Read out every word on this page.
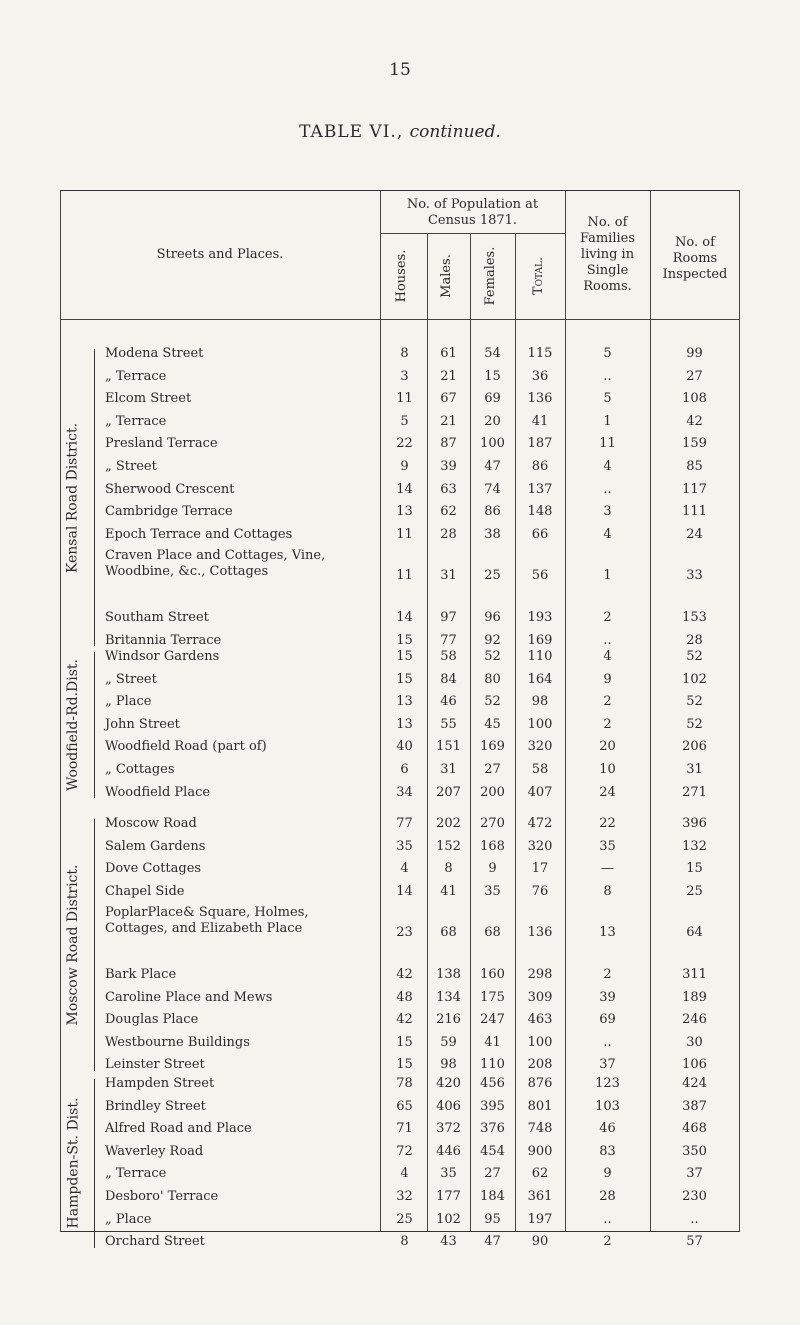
15
TABLE VI., continued.
Streets and Places.
No. of Population at Census 1871.
Houses. Males. Females.	Total.
No. of Families living in Single Rooms.
No. of Rooms Inspected
Modena Street	8	61	54	115	5	99
„ Terrace	3	21	15	36	..	27
Elcom Street	11	67	69	136	5	108
„ Terrace	5	21	20	41	1	42
Presland Terrace	22	87	100	187	11	159
„ Street	9	39	47	86	4	85
Sherwood Crescent	14	63	74	137	..	117
Cambridge Terrace	13	62	86	148	3	111
Epoch Terrace and Cottages	11	28	38	66	4	24
Craven Place and Cottages, Vine, Woodbine, &c., Cottages	11	31	25	56	1	33
Southam Street	14	97	96	193	2	153
Britannia Terrace	15	77	92	169	..	28
Kensal Road District.
Windsor Gardens	15	58	52	110	4	52
„ Street	15	84	80	164	9	102
„ Place	13	46	52	98	2	52
John Street	13	55	45	100	2	52
Woodfield Road (part of)	40	151	169	320	20	206
„ Cottages	6	31	27	58	10	31
Woodfield Place	34	207	200	407	24	271
Woodfield-Rd.Dist.
Moscow Road	77	202	270	472	22	396
Salem Gardens	35	152	168	320	35	132
Dove Cottages	4	8	9	17	—	15
Chapel Side	14	41	35	76	8	25
PoplarPlace& Square, Holmes, Cottages, and Elizabeth Place	23	68	68	136	13	64
Bark Place	42	138	160	298	2	311
Caroline Place and Mews	48	134	175	309	39	189
Douglas Place	42	216	247	463	69	246
Westbourne Buildings	15	59	41	100	..	30
Leinster Street	15	98	110	208	37	106
Moscow Road District.
Hampden Street	78	420	456	876	123	424
Brindley Street	65	406	395	801	103	387
Alfred Road and Place	71	372	376	748	46	468
Waverley Road	72	446	454	900	83	350
„ Terrace	4	35	27	62	9	37
Desboro' Terrace	32	177	184	361	28	230
„ Place	25	102	95	197	..	..
Orchard Street	8	43	47	90	2	57
Hampden-St. Dist.
